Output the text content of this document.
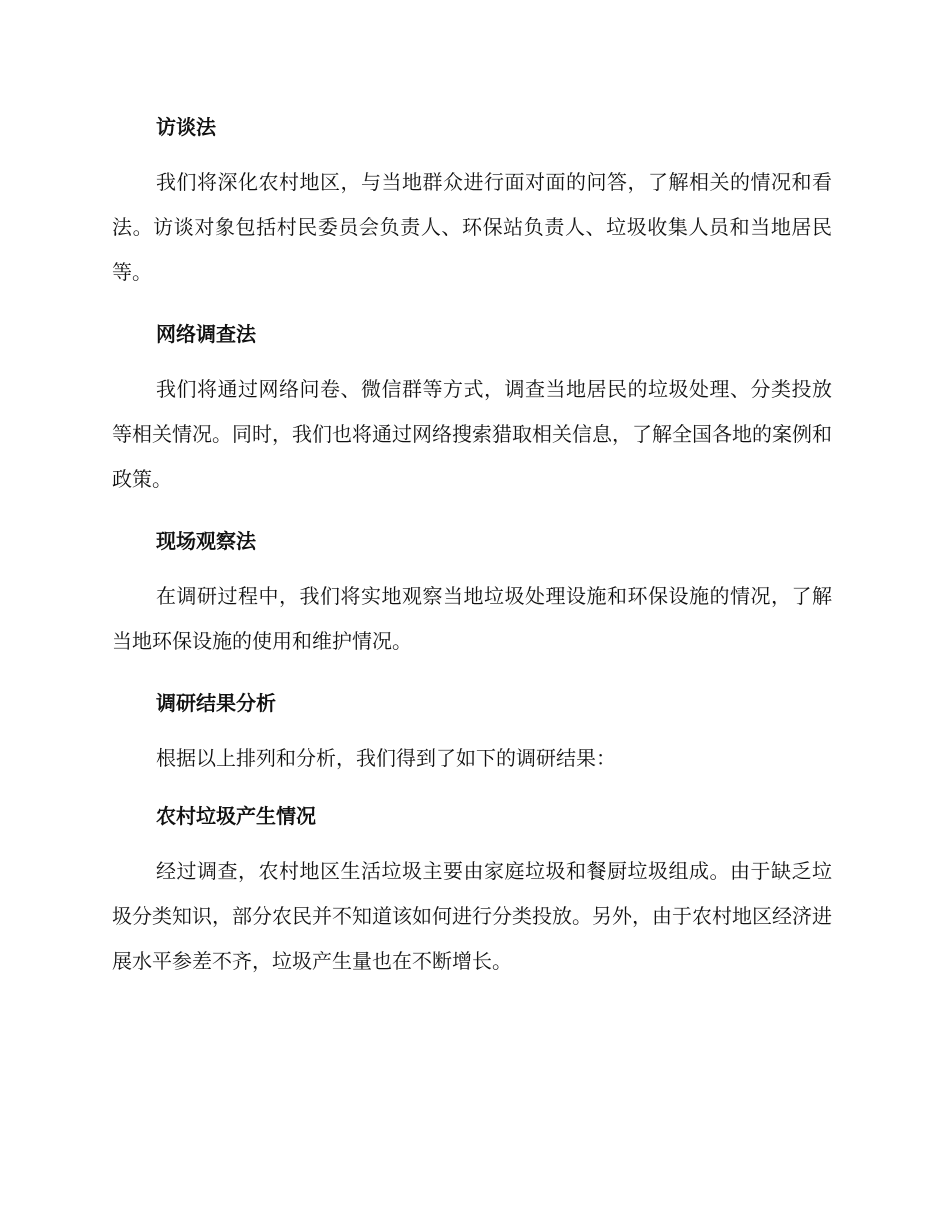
访谈法
我们将深化农村地区，与当地群众进行面对面的问答，了解相关的情况和看法。访谈对象包括村民委员会负责人、环保站负责人、垃圾收集人员和当地居民等。
网络调查法
我们将通过网络问卷、微信群等方式，调查当地居民的垃圾处理、分类投放等相关情况。同时，我们也将通过网络搜索猎取相关信息，了解全国各地的案例和政策。
现场观察法
在调研过程中，我们将实地观察当地垃圾处理设施和环保设施的情况，了解当地环保设施的使用和维护情况。
调研结果分析
根据以上排列和分析，我们得到了如下的调研结果：
农村垃圾产生情况
经过调查，农村地区生活垃圾主要由家庭垃圾和餐厨垃圾组成。由于缺乏垃圾分类知识，部分农民并不知道该如何进行分类投放。另外，由于农村地区经济进展水平参差不齐，垃圾产生量也在不断增长。
